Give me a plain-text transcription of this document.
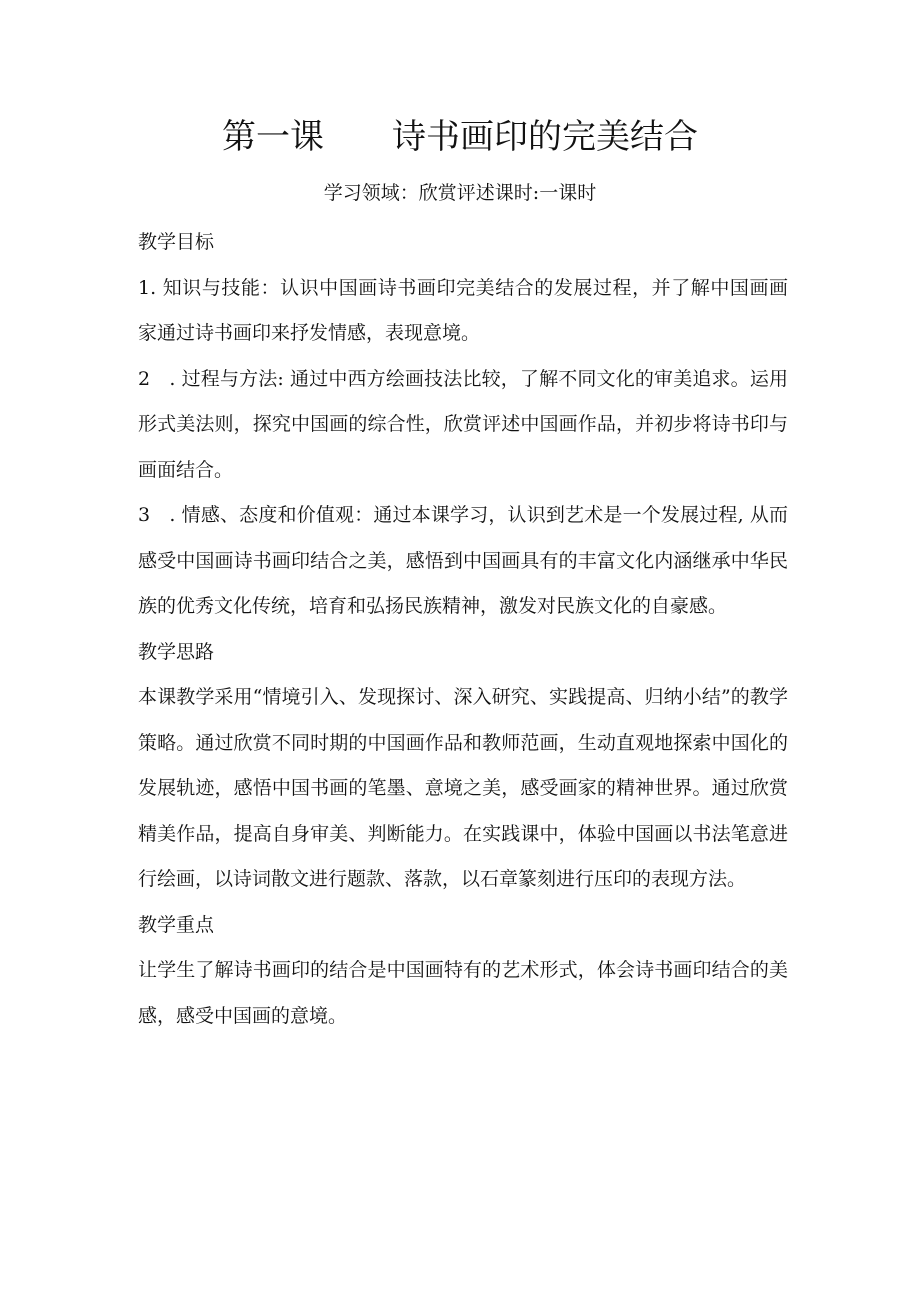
第一课　　诗书画印的完美结合
学习领域：欣赏评述课时:一课时

教学目标

1. 知识与技能：认识中国画诗书画印完美结合的发展过程，并了解中国画画家通过诗书画印来抒发情感，表现意境。

2　. 过程与方法: 通过中西方绘画技法比较，了解不同文化的审美追求。运用形式美法则，探究中国画的综合性，欣赏评述中国画作品，并初步将诗书印与画面结合。

3　. 情感、态度和价值观：通过本课学习，认识到艺术是一个发展过程, 从而感受中国画诗书画印结合之美，感悟到中国画具有的丰富文化内涵继承中华民族的优秀文化传统，培育和弘扬民族精神，激发对民族文化的自豪感。

教学思路

本课教学采用“情境引入、发现探讨、深入研究、实践提高、归纳小结”的教学策略。通过欣赏不同时期的中国画作品和教师范画，生动直观地探索中国化的发展轨迹，感悟中国书画的笔墨、意境之美，感受画家的精神世界。通过欣赏精美作品，提高自身审美、判断能力。在实践课中，体验中国画以书法笔意进行绘画，以诗词散文进行题款、落款，以石章篆刻进行压印的表现方法。

教学重点

让学生了解诗书画印的结合是中国画特有的艺术形式，体会诗书画印结合的美感，感受中国画的意境。
